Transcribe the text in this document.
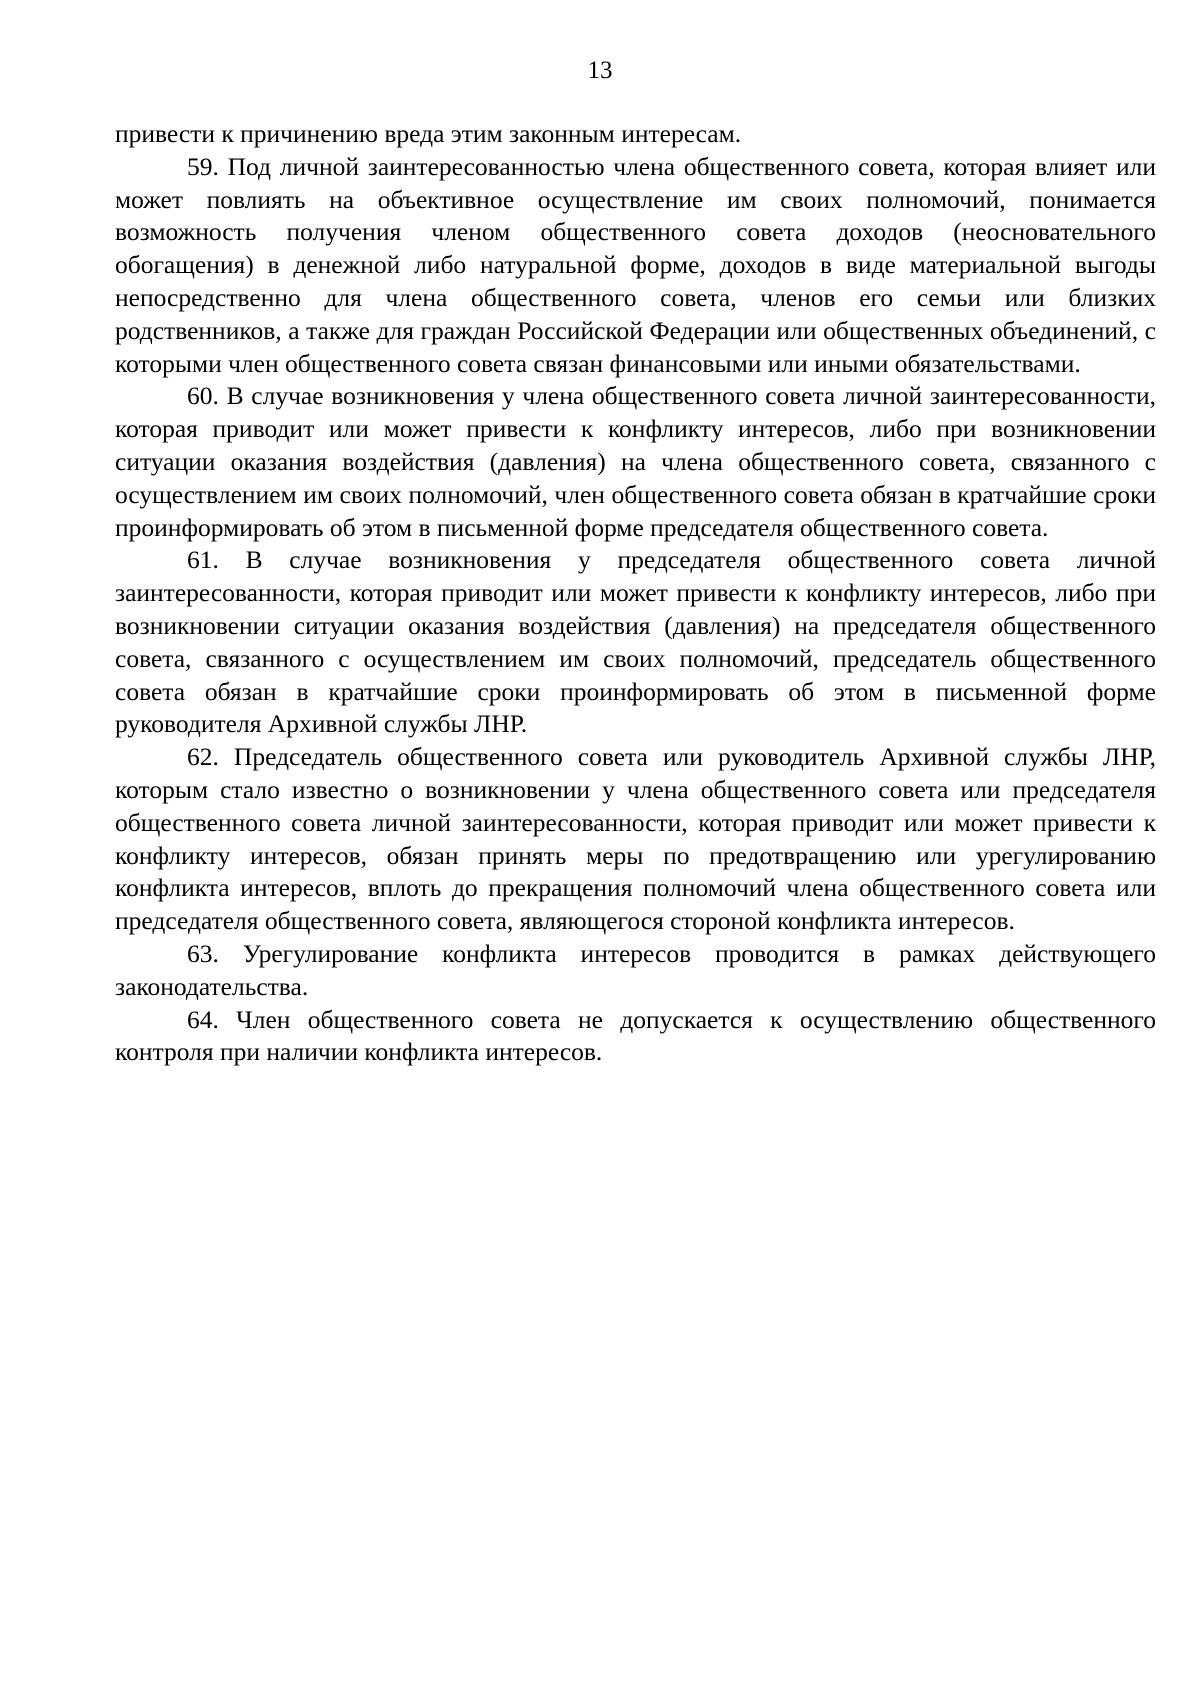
13

привести к причинению вреда этим законным интересам.

59. Под личной заинтересованностью члена общественного совета, которая влияет или может повлиять на объективное осуществление им своих полномочий, понимается возможность получения членом общественного совета доходов (неосновательного обогащения) в денежной либо натуральной форме, доходов в виде материальной выгоды непосредственно для члена общественного совета, членов его семьи или близких родственников, а также для граждан Российской Федерации или общественных объединений, с которыми член общественного совета связан финансовыми или иными обязательствами.

60. В случае возникновения у члена общественного совета личной заинтересованности, которая приводит или может привести к конфликту интересов, либо при возникновении ситуации оказания воздействия (давления) на члена общественного совета, связанного с осуществлением им своих полномочий, член общественного совета обязан в кратчайшие сроки проинформировать об этом в письменной форме председателя общественного совета.

61. В случае возникновения у председателя общественного совета личной заинтересованности, которая приводит или может привести к конфликту интересов, либо при возникновении ситуации оказания воздействия (давления) на председателя общественного совета, связанного с осуществлением им своих полномочий, председатель общественного совета обязан в кратчайшие сроки проинформировать об этом в письменной форме руководителя Архивной службы ЛНР.

62. Председатель общественного совета или руководитель Архивной службы ЛНР, которым стало известно о возникновении у члена общественного совета или председателя общественного совета личной заинтересованности, которая приводит или может привести к конфликту интересов, обязан принять меры по предотвращению или урегулированию конфликта интересов, вплоть до прекращения полномочий члена общественного совета или председателя общественного совета, являющегося стороной конфликта интересов.

63. Урегулирование конфликта интересов проводится в рамках действующего законодательства.

64. Член общественного совета не допускается к осуществлению общественного контроля при наличии конфликта интересов.
